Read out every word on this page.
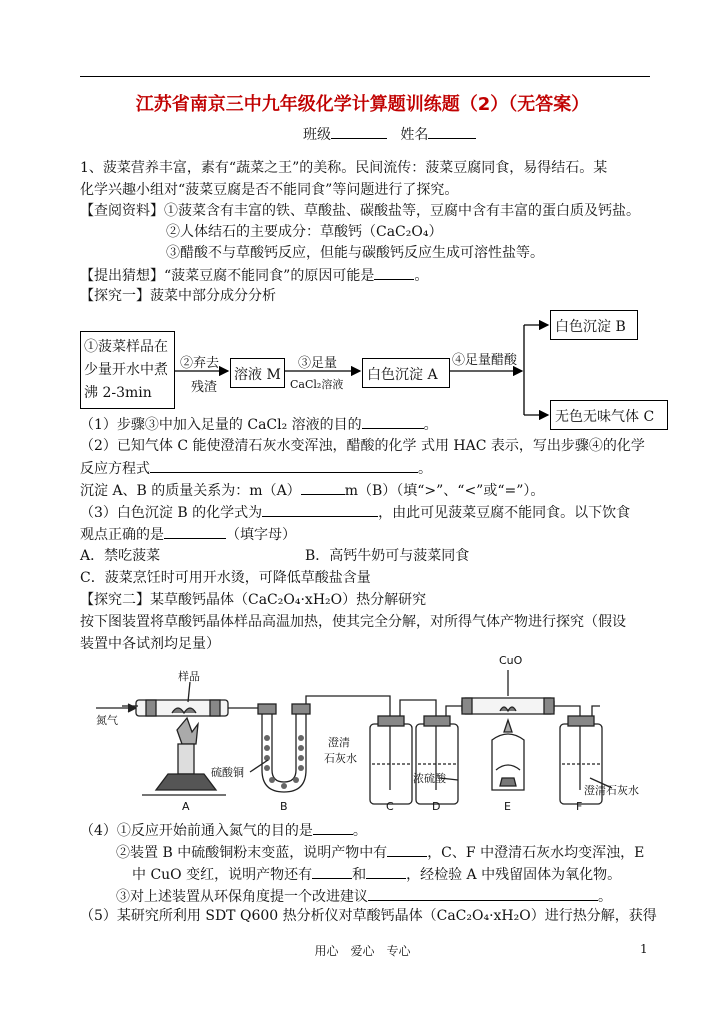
江苏省南京三中九年级化学计算题训练题（2）（无答案）
班级	姓名
1、菠菜营养丰富，素有“蔬菜之王”的美称。民间流传：菠菜豆腐同食，易得结石。某
化学兴趣小组对“菠菜豆腐是否不能同食”等问题进行了探究。
【查阅资料】①菠菜含有丰富的铁、草酸盐、碳酸盐等，豆腐中含有丰富的蛋白质及钙盐。
②人体结石的主要成分：草酸钙（CaC₂O₄）
③醋酸不与草酸钙反应，但能与碳酸钙反应生成可溶性盐等。
【提出猜想】“菠菜豆腐不能同食”的原因可能是	。
【探究一】菠菜中部分成分分析
①菠菜样品在
少量开水中煮
沸 2-3min
②弃去
残渣
溶液 M
③足量
CaCl₂溶液
白色沉淀 A
④足量醋酸
白色沉淀 B
无色无味气体 C
（1）步骤③中加入足量的 CaCl₂ 溶液的目的	。
（2）已知气体 C 能使澄清石灰水变浑浊，醋酸的化学 式用 HAC 表示，写出步骤④的化学
反应方程式	。
沉淀 A、B 的质量关系为：m（A）	m（B）（填“>”、“<”或“=”）。
（3）白色沉淀 B 的化学式为	，由此可见菠菜豆腐不能同食。以下饮食
观点正确的是	（填字母）
A．禁吃菠菜	B．高钙牛奶可与菠菜同食
C．菠菜烹饪时可用开水烫，可降低草酸盐含量
【探究二】某草酸钙晶体（CaC₂O₄·xH₂O）热分解研究
按下图装置将草酸钙晶体样品高温加热，使其完全分解，对所得气体产物进行探究（假设
装置中各试剂均足量）
样品
氮气
CuO
硫酸铜
澄清
石灰水
浓硫酸
澄清石灰水
A	B	C	D	E	F
（4）①反应开始前通入氮气的目的是	。
②装置 B 中硫酸铜粉末变蓝，说明产物中有	，C、F 中澄清石灰水均变浑浊，E
中 CuO 变红，说明产物还有	和	，经检验 A 中残留固体为氧化物。
③对上述装置从环保角度提一个改进建议	。
（5）某研究所利用 SDT Q600 热分析仪对草酸钙晶体（CaC₂O₄·xH₂O）进行热分解，获得
用心　爱心　专心	1
